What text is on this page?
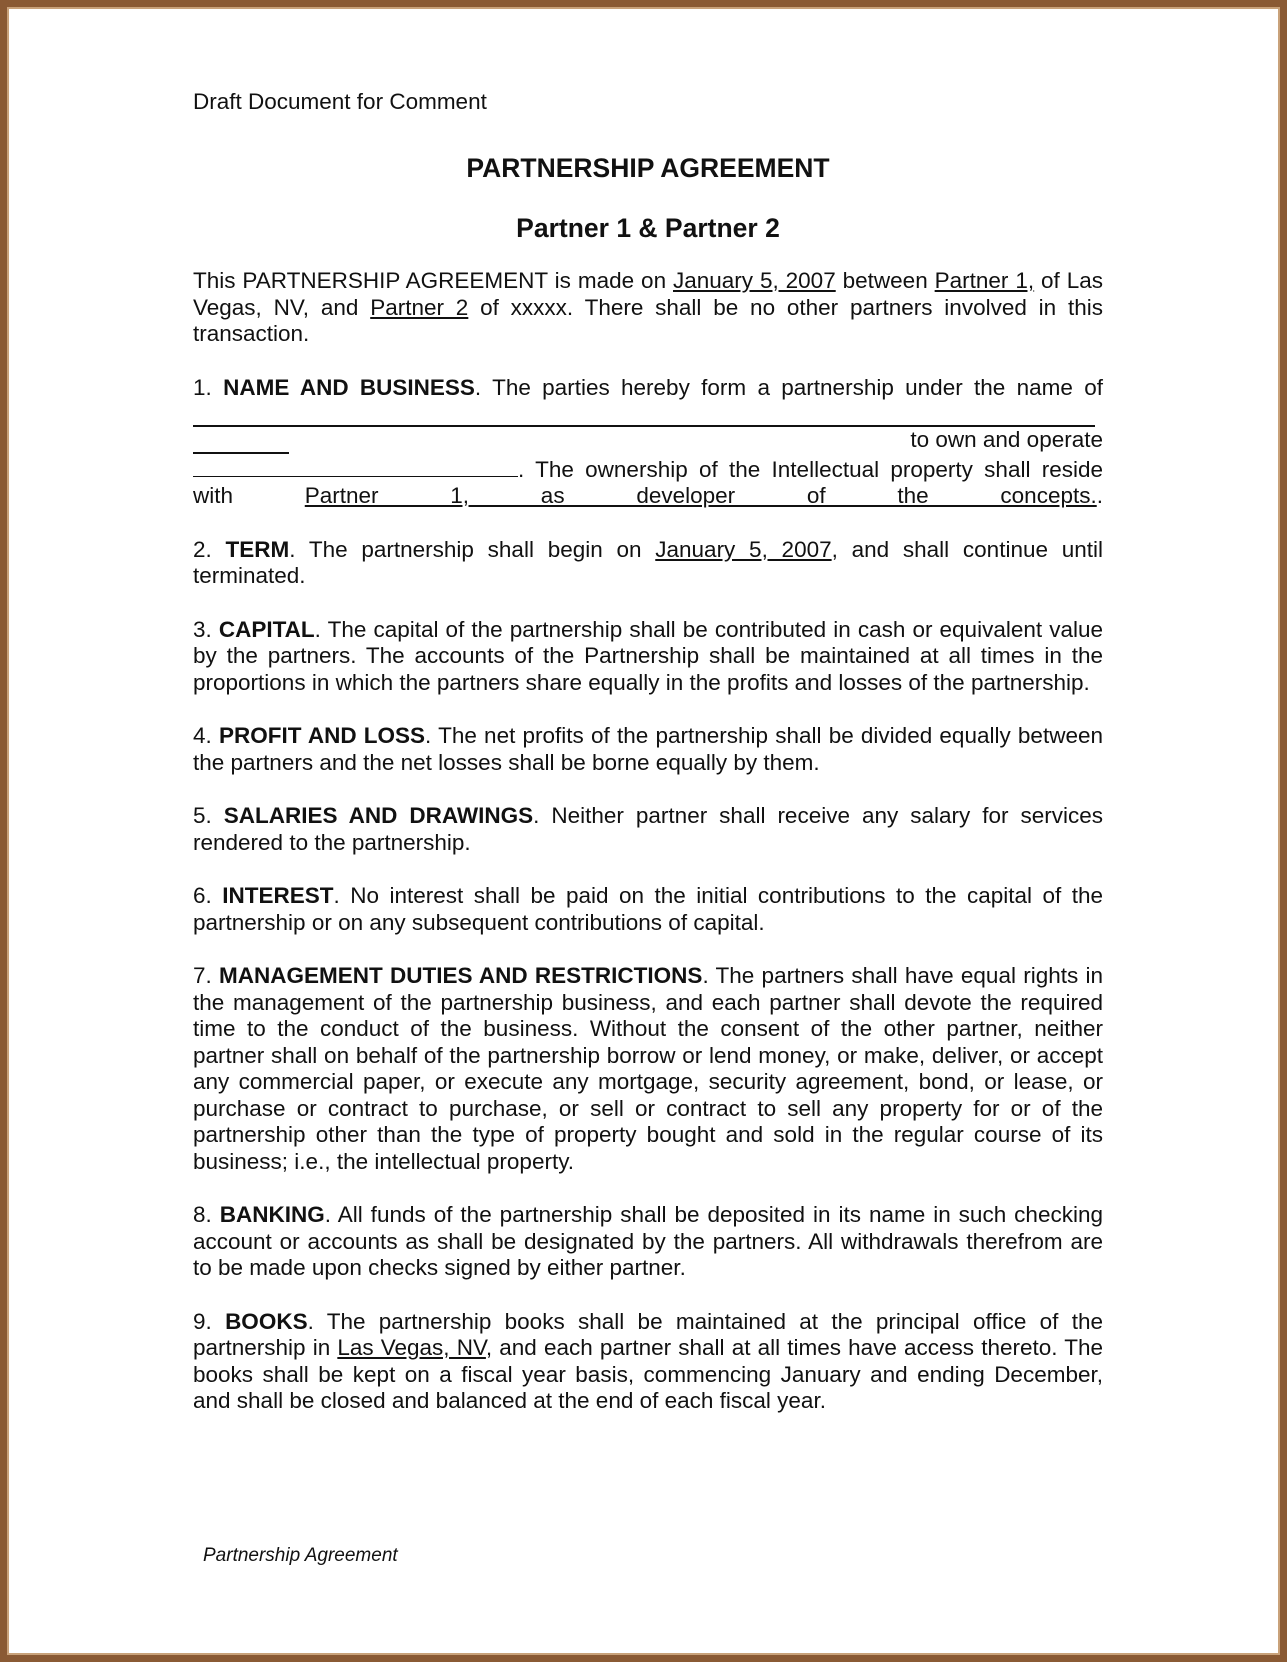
Draft Document for Comment
PARTNERSHIP AGREEMENT
Partner 1 & Partner 2

This PARTNERSHIP AGREEMENT is made on January 5, 2007 between Partner 1, of Las Vegas, NV, and Partner 2 of xxxxx. There shall be no other partners involved in this transaction.

1. NAME AND BUSINESS. The parties hereby form a partnership under the name of

to own and operate

. The ownership of the Intellectual property shall reside with Partner 1, as developer of the concepts..

2. TERM. The partnership shall begin on January 5, 2007, and shall continue until terminated.

3. CAPITAL. The capital of the partnership shall be contributed in cash or equivalent value by the partners. The accounts of the Partnership shall be maintained at all times in the proportions in which the partners share equally in the profits and losses of the partnership.

4. PROFIT AND LOSS. The net profits of the partnership shall be divided equally between the partners and the net losses shall be borne equally by them.

5. SALARIES AND DRAWINGS. Neither partner shall receive any salary for services rendered to the partnership.

6. INTEREST. No interest shall be paid on the initial contributions to the capital of the partnership or on any subsequent contributions of capital.

7. MANAGEMENT DUTIES AND RESTRICTIONS. The partners shall have equal rights in the management of the partnership business, and each partner shall devote the required time to the conduct of the business. Without the consent of the other partner, neither partner shall on behalf of the partnership borrow or lend money, or make, deliver, or accept any commercial paper, or execute any mortgage, security agreement, bond, or lease, or purchase or contract to purchase, or sell or contract to sell any property for or of the partnership other than the type of property bought and sold in the regular course of its business; i.e., the intellectual property.

8. BANKING. All funds of the partnership shall be deposited in its name in such checking account or accounts as shall be designated by the partners. All withdrawals therefrom are to be made upon checks signed by either partner.

9. BOOKS. The partnership books shall be maintained at the principal office of the partnership in Las Vegas, NV, and each partner shall at all times have access thereto. The books shall be kept on a fiscal year basis, commencing January and ending December, and shall be closed and balanced at the end of each fiscal year.

Partnership Agreement
